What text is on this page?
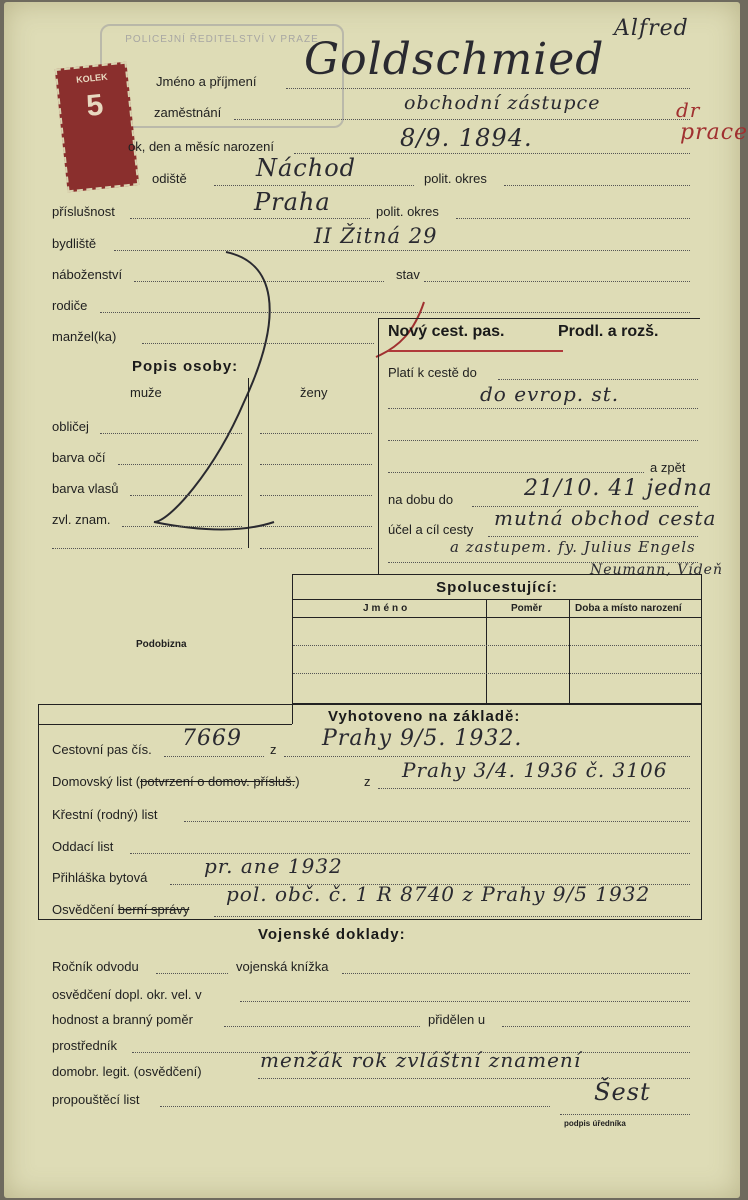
POLICEJNÍ ŘEDITELSTVÍ V PRAZE
KOLEK
5
Jméno a příjmení
Alfred
Goldschmied
zaměstnání	obchodní zástupce	dr
prace
ok, den a měsíc narození	8/9. 1894.
odiště	Náchod	polit. okres
příslušnost	Praha	polit. okres
bydliště	II Žitná 29
náboženství	stav
rodiče
manžel(ka)
Popis osoby:
muže	ženy
obličej
barva očí
barva vlasů
zvl. znam.
Nový cest. pas.	Prodl. a rozš.
Platí k cestě do
do evrop. st.
a zpět
na dobu do	21/10. 41 jedna
účel a cíl cesty mutná obchod cesta
a zastupem. fy. Julius Engels
Neumann, Vídeň
Spolucestující:
Jméno	Poměr	Doba a místo narození
Podobizna
Vyhotoveno na základě:
Cestovní pas čís. 7669 z Prahy 9/5. 1932.
Domovský list (potvrzení o domov. přísluš.)	z Prahy 3/4. 1936 č. 3106
Křestní (rodný) list
Oddací list
Přihláška bytová	pr. ane 1932
Osvědčení berní správy
pol. obč. č. 1 R 8740 z Prahy 9/5 1932
Vojenské doklady:
Ročník odvodu	vojenská knížka
osvědčení dopl. okr. vel. v
hodnost a branný poměr	přidělen u
prostředník
domobr. legit. (osvědčení)	menžák rok zvláštní znamení
propouštěcí list	Šest
podpis úředníka
